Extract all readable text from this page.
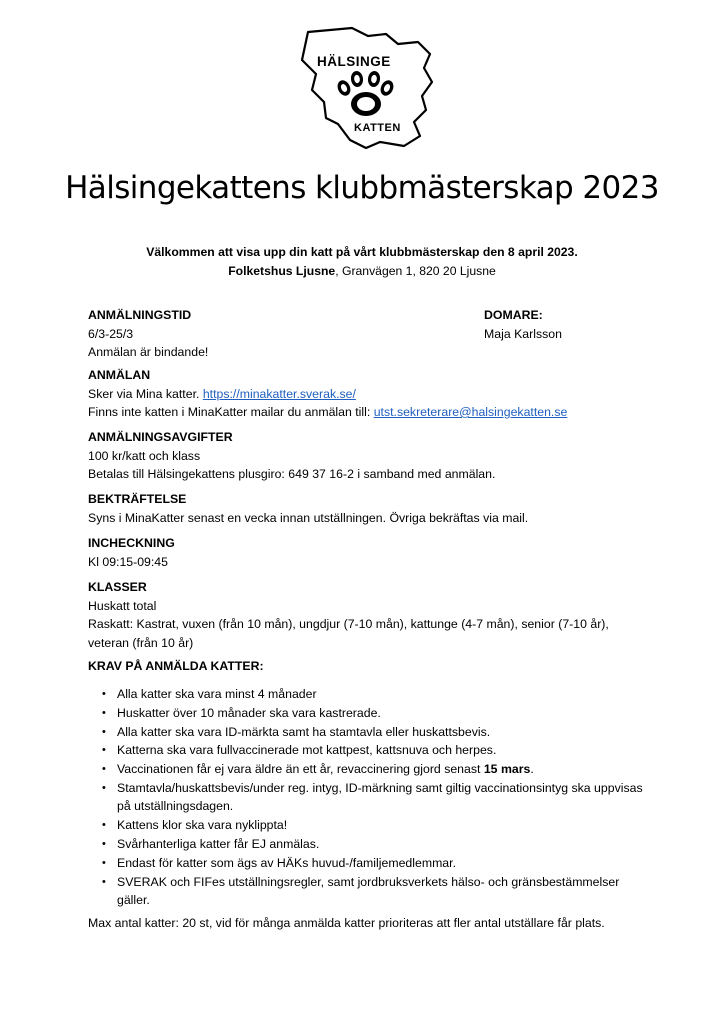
HÄLSINGE
KATTEN
Hälsingekattens klubbmästerskap 2023
Välkommen att visa upp din katt på vårt klubbmästerskap den 8 april 2023.
Folketshus Ljusne, Granvägen 1, 820 20 Ljusne
ANMÄLNINGSTID
6/3-25/3
Anmälan är bindande!
DOMARE:
Maja Karlsson
ANMÄLAN
Sker via Mina katter. https://minakatter.sverak.se/
Finns inte katten i MinaKatter mailar du anmälan till: utst.sekreterare@halsingekatten.se
ANMÄLNINGSAVGIFTER
100 kr/katt och klass
Betalas till Hälsingekattens plusgiro: 649 37 16-2 i samband med anmälan.
BEKTRÄFTELSE
Syns i MinaKatter senast en vecka innan utställningen. Övriga bekräftas via mail.
INCHECKNING
Kl 09:15-09:45
KLASSER
Huskatt total
Raskatt: Kastrat, vuxen (från 10 mån), ungdjur (7-10 mån), kattunge (4-7 mån), senior (7-10 år), veteran (från 10 år)
KRAV PÅ ANMÄLDA KATTER:
• Alla katter ska vara minst 4 månader
• Huskatter över 10 månader ska vara kastrerade.
• Alla katter ska vara ID-märkta samt ha stamtavla eller huskattsbevis.
• Katterna ska vara fullvaccinerade mot kattpest, kattsnuva och herpes.
• Vaccinationen får ej vara äldre än ett år, revaccinering gjord senast 15 mars.
• Stamtavla/huskattsbevis/under reg. intyg, ID-märkning samt giltig vaccinationsintyg ska uppvisas på utställningsdagen.
• Kattens klor ska vara nyklippta!
• Svårhanterliga katter får EJ anmälas.
• Endast för katter som ägs av HÄKs huvud-/familjemedlemmar.
• SVERAK och FIFes utställningsregler, samt jordbruksverkets hälso- och gränsbestämmelser gäller.
Max antal katter: 20 st, vid för många anmälda katter prioriteras att fler antal utställare får plats.
